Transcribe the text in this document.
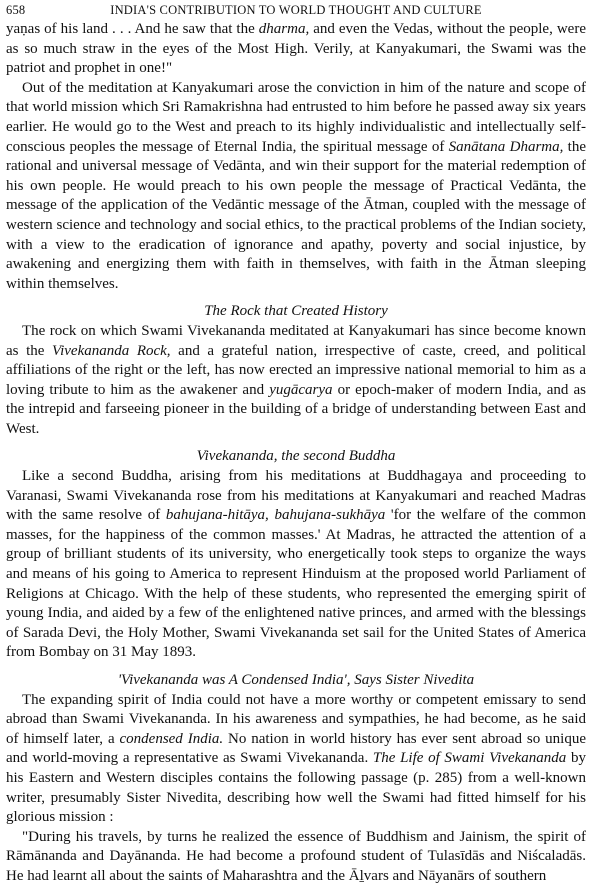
658	INDIA'S CONTRIBUTION TO WORLD THOUGHT AND CULTURE

yaṇas of his land . . . And he saw that the dharma, and even the Vedas, without the people, were as so much straw in the eyes of the Most High. Verily, at Kanyakumari, the Swami was the patriot and prophet in one!"

Out of the meditation at Kanyakumari arose the conviction in him of the nature and scope of that world mission which Sri Ramakrishna had entrusted to him before he passed away six years earlier. He would go to the West and preach to its highly individualistic and intellectually self-conscious peoples the message of Eternal India, the spiritual message of Sanātana Dharma, the rational and universal message of Vedānta, and win their support for the material redemption of his own people. He would preach to his own people the message of Practical Vedānta, the message of the application of the Vedāntic message of the Ātman, coupled with the message of western science and technology and social ethics, to the practical problems of the Indian society, with a view to the eradication of ignorance and apathy, poverty and social injustice, by awakening and energizing them with faith in themselves, with faith in the Ātman sleeping within themselves.

The Rock that Created History

The rock on which Swami Vivekananda meditated at Kanyakumari has since become known as the Vivekananda Rock, and a grateful nation, irrespective of caste, creed, and political affiliations of the right or the left, has now erected an impressive national memorial to him as a loving tribute to him as the awakener and yugācarya or epoch-maker of modern India, and as the intrepid and farseeing pioneer in the building of a bridge of understanding between East and West.

Vivekananda, the second Buddha

Like a second Buddha, arising from his meditations at Buddhagaya and proceeding to Varanasi, Swami Vivekananda rose from his meditations at Kanyakumari and reached Madras with the same resolve of bahujana-hitāya, bahujana-sukhāya 'for the welfare of the common masses, for the happiness of the common masses.' At Madras, he attracted the attention of a group of brilliant students of its university, who energetically took steps to organize the ways and means of his going to America to represent Hinduism at the proposed world Parliament of Religions at Chicago. With the help of these students, who represented the emerging spirit of young India, and aided by a few of the enlightened native princes, and armed with the blessings of Sarada Devi, the Holy Mother, Swami Vivekananda set sail for the United States of America from Bombay on 31 May 1893.

'Vivekananda was A Condensed India', Says Sister Nivedita

The expanding spirit of India could not have a more worthy or competent emissary to send abroad than Swami Vivekananda. In his awareness and sympathies, he had become, as he said of himself later, a condensed India. No nation in world history has ever sent abroad so unique and world-moving a representative as Swami Vivekananda. The Life of Swami Vivekananda by his Eastern and Western disciples contains the following passage (p. 285) from a well-known writer, presumably Sister Nivedita, describing how well the Swami had fitted himself for his glorious mission :

"During his travels, by turns he realized the essence of Buddhism and Jainism, the spirit of Rāmānanda and Dayānanda. He had become a profound student of Tulasīdās and Niścaladās. He had learnt all about the saints of Maharashtra and the Āḻvars and Nāyanārs of southern
